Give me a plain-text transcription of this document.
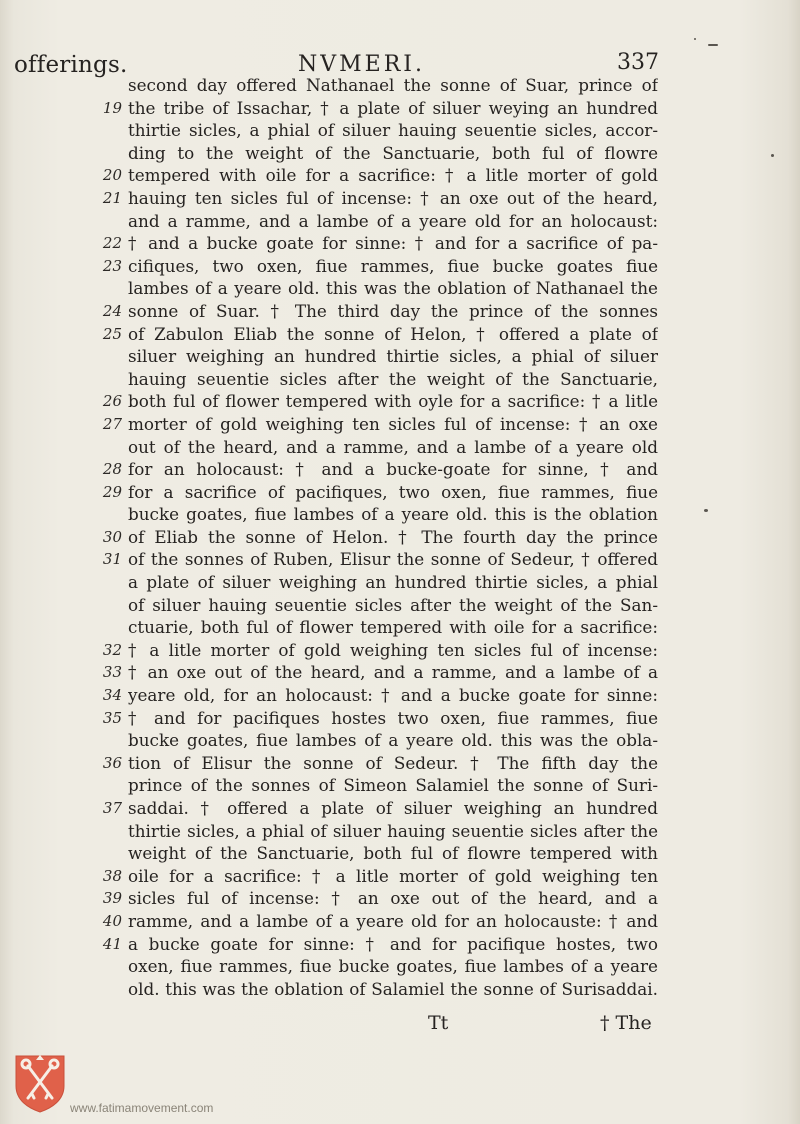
offerings.	NVMERI.	337
second day offered Nathanael the sonne of Suar, prince of
19 the tribe of Issachar, † a plate of siluer weying an hundred
thirtie sicles, a phial of siluer hauing seuentie sicles, accor-
ding to the weight of the Sanctuarie, both ful of flowre
20 tempered with oile for a sacrifice: † a litle morter of gold
21 hauing ten sicles ful of incense: † an oxe out of the heard,
and a ramme, and a lambe of a yeare old for an holocaust:
22 23
† and a bucke goate for sinne: † and for a sacrifice of pa-
cifiques, two oxen, fiue rammes, fiue bucke goates fiue
lambes of a yeare old. this was the oblation of Nathanael the
24 sonne of Suar. † The third day the prince of the sonnes
25 of Zabulon Eliab the sonne of Helon, † offered a plate of
siluer weighing an hundred thirtie sicles, a phial of siluer
hauing seuentie sicles after the weight of the Sanctuarie,
26 both ful of flower tempered with oyle for a sacrifice: † a litle
27 morter of gold weighing ten sicles ful of incense: † an oxe
out of the heard, and a ramme, and a lambe of a yeare old
28 29
for an holocaust: † and a bucke-goate for sinne, † and
for a sacrifice of pacifiques, two oxen, fiue rammes, fiue
bucke goates, fiue lambes of a yeare old. this is the oblation
30 of Eliab the sonne of Helon. † The fourth day the prince
31 of the sonnes of Ruben, Elisur the sonne of Sedeur, † offered
a plate of siluer weighing an hundred thirtie sicles, a phial
of siluer hauing seuentie sicles after the weight of the San-
ctuarie, both ful of flower tempered with oile for a sacrifice:
32 † a litle morter of gold weighing ten sicles ful of incense:
33 † an oxe out of the heard, and a ramme, and a lambe of a
34 yeare old, for an holocaust: † and a bucke goate for sinne:
35 † and for pacifiques hostes two oxen, fiue rammes, fiue
bucke goates, fiue lambes of a yeare old. this was the obla-
36 tion of Elisur the sonne of Sedeur. † The fifth day the
prince of the sonnes of Simeon Salamiel the sonne of Suri-
37 saddai. † offered a plate of siluer weighing an hundred
thirtie sicles, a phial of siluer hauing seuentie sicles after the
weight of the Sanctuarie, both ful of flowre tempered with
38 oile for a sacrifice: † a litle morter of gold weighing ten
39 sicles ful of incense: † an oxe out of the heard, and a
40 ramme, and a lambe of a yeare old for an holocauste: † and
41 a bucke goate for sinne: † and for pacifique hostes, two
oxen, fiue rammes, fiue bucke goates, fiue lambes of a yeare
old. this was the oblation of Salamiel the sonne of Surisaddai.
Tt	† The
www.fatimamovement.com
